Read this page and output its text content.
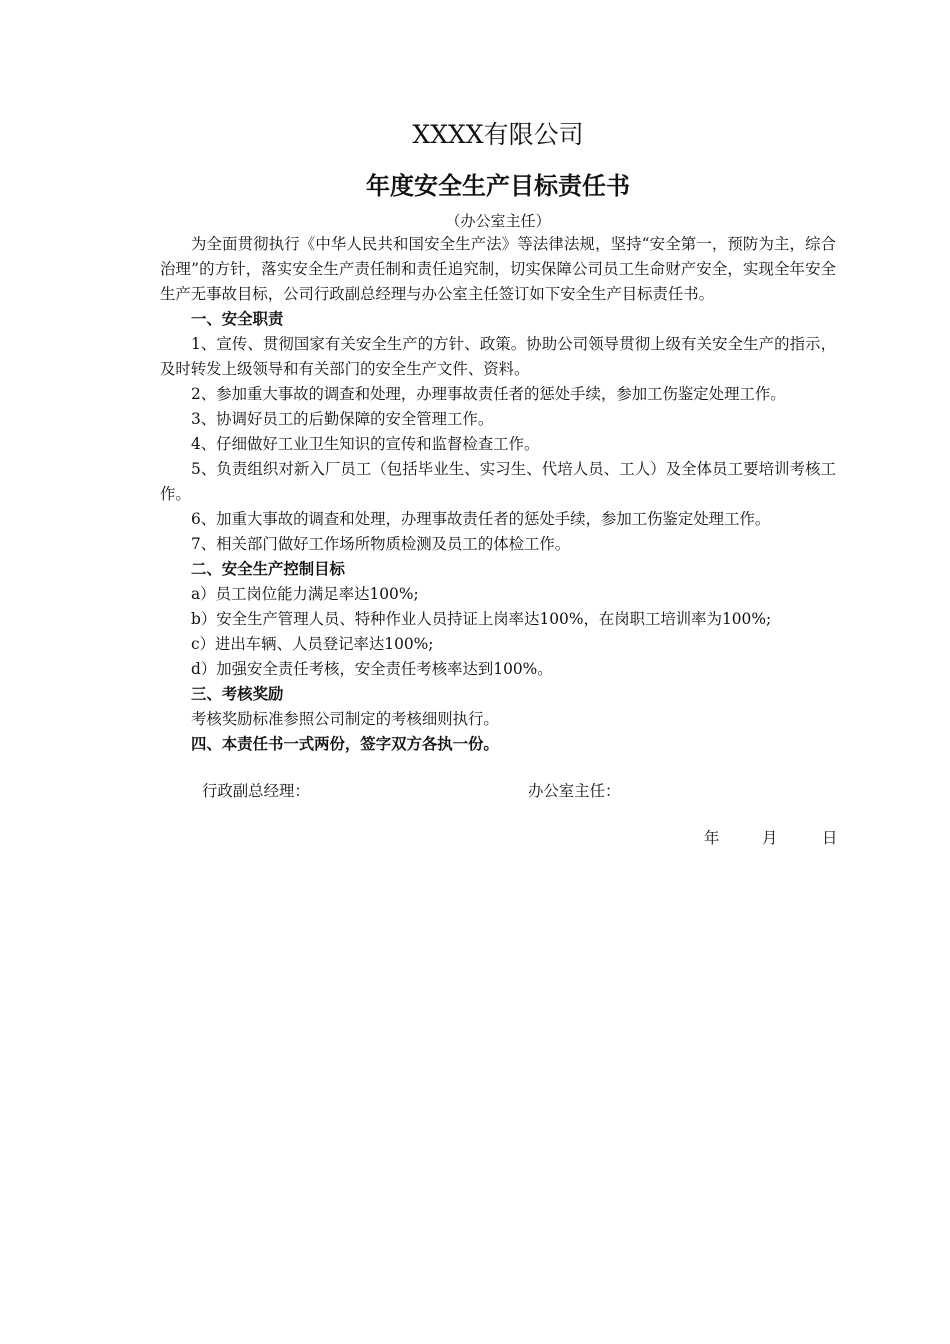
XXXX有限公司

年度安全生产目标责任书

（办公室主任）

为全面贯彻执行《中华人民共和国安全生产法》等法律法规，坚持“安全第一，预防为主，综合治理”的方针，落实安全生产责任制和责任追究制，切实保障公司员工生命财产安全，实现全年安全生产无事故目标，公司行政副总经理与办公室主任签订如下安全生产目标责任书。

一、安全职责

1、宣传、贯彻国家有关安全生产的方针、政策。协助公司领导贯彻上级有关安全生产的指示，及时转发上级领导和有关部门的安全生产文件、资料。

2、参加重大事故的调查和处理，办理事故责任者的惩处手续，参加工伤鉴定处理工作。

3、协调好员工的后勤保障的安全管理工作。

4、仔细做好工业卫生知识的宣传和监督检查工作。

5、负责组织对新入厂员工（包括毕业生、实习生、代培人员、工人）及全体员工要培训考核工作。

6、加重大事故的调查和处理，办理事故责任者的惩处手续，参加工伤鉴定处理工作。

7、相关部门做好工作场所物质检测及员工的体检工作。

二、安全生产控制目标

a）员工岗位能力满足率达100%;

b）安全生产管理人员、特种作业人员持证上岗率达100%，在岗职工培训率为100%;

c）进出车辆、人员登记率达100%;

d）加强安全责任考核，安全责任考核率达到100%。

三、考核奖励

考核奖励标准参照公司制定的考核细则执行。

四、本责任书一式两份，签字双方各执一份。

行政副总经理：	办公室主任：
年	月	日
